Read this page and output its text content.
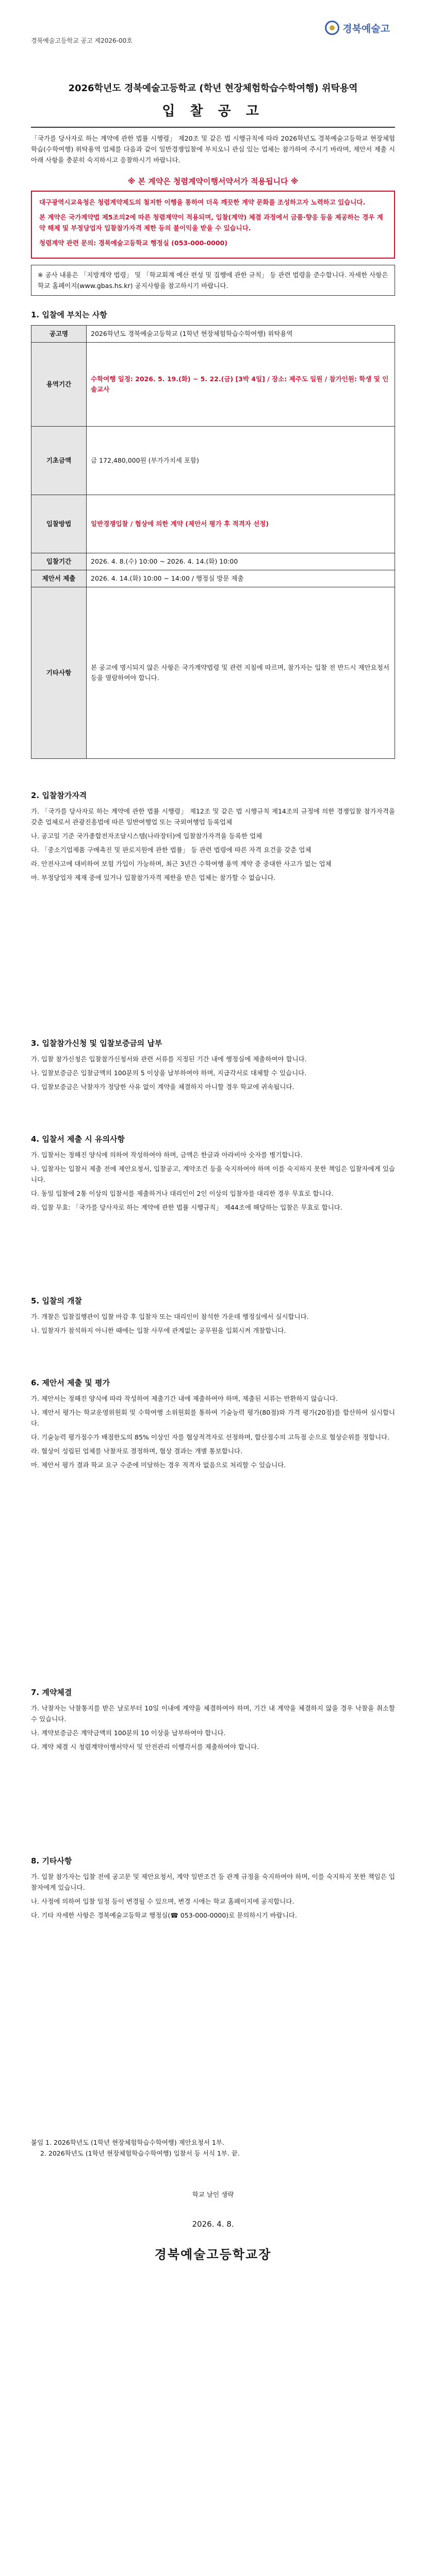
경북예술고
경북예술고등학교 공고 제2026-00호
2026학년도 경북예술고등학교 (학년 현장체험학습수학여행) 위탁용역
입 찰 공 고

「국가를 당사자로 하는 계약에 관한 법률 시행령」 제20조 및 같은 법 시행규칙에 따라 2026학년도 경북예술고등학교 현장체험학습(수학여행) 위탁용역 업체를 다음과 같이 일반경쟁입찰에 부치오니 관심 있는 업체는 참가하여 주시기 바라며, 제안서 제출 시 아래 사항을 충분히 숙지하시고 응찰하시기 바랍니다.

※ 본 계약은 청렴계약이행서약서가 적용됩니다 ※
대구광역시교육청은 청렴계약제도의 철저한 이행을 통하여 더욱 깨끗한 계약 문화를 조성하고자 노력하고 있습니다.
본 계약은 국가계약법 제5조의2에 따른 청렴계약이 적용되며, 입찰(계약) 체결 과정에서 금품·향응 등을 제공하는 경우 계약 해제 및 부정당업자 입찰참가자격 제한 등의 불이익을 받을 수 있습니다.
청렴계약 관련 문의: 경북예술고등학교 행정실 (053-000-0000)
※ 공사 내용은 「지방계약 법령」 및 「학교회계 예산 편성 및 집행에 관한 규칙」 등 관련 법령을 준수합니다. 자세한 사항은 학교 홈페이지(www.gbas.hs.kr) 공지사항을 참고하시기 바랍니다.
1. 입찰에 부치는 사항
공고명	2026학년도 경북예술고등학교 (1학년 현장체험학습수학여행) 위탁용역
용역기간	수학여행 일정: 2026. 5. 19.(화) ~ 5. 22.(금) [3박 4일] / 장소: 제주도 일원 / 참가인원: 학생 및 인솔교사
기초금액	금 172,480,000원 (부가가치세 포함)
입찰방법	일반경쟁입찰 / 협상에 의한 계약 (제안서 평가 후 적격자 선정)
입찰기간	2026. 4. 8.(수) 10:00 ~ 2026. 4. 14.(화) 10:00
제안서 제출	2026. 4. 14.(화) 10:00 ~ 14:00 / 행정실 방문 제출
기타사항	본 공고에 명시되지 않은 사항은 국가계약법령 및 관련 지침에 따르며, 참가자는 입찰 전 반드시 제안요청서 등을 열람하여야 합니다.
2. 입찰참가자격
가. 「국가를 당사자로 하는 계약에 관한 법률 시행령」 제12조 및 같은 법 시행규칙 제14조의 규정에 의한 경쟁입찰 참가자격을 갖춘 업체로서 관광진흥법에 따른 일반여행업 또는 국외여행업 등록업체
나. 공고일 기준 국가종합전자조달시스템(나라장터)에 입찰참가자격을 등록한 업체
다. 「중소기업제품 구매촉진 및 판로지원에 관한 법률」 등 관련 법령에 따른 자격 요건을 갖춘 업체
라. 안전사고에 대비하여 보험 가입이 가능하며, 최근 3년간 수학여행 용역 계약 중 중대한 사고가 없는 업체
마. 부정당업자 제재 중에 있거나 입찰참가자격 제한을 받은 업체는 참가할 수 없습니다.
3. 입찰참가신청 및 입찰보증금의 납부
가. 입찰 참가신청은 입찰참가신청서와 관련 서류를 지정된 기간 내에 행정실에 제출하여야 합니다.
나. 입찰보증금은 입찰금액의 100분의 5 이상을 납부하여야 하며, 지급각서로 대체할 수 있습니다.
다. 입찰보증금은 낙찰자가 정당한 사유 없이 계약을 체결하지 아니할 경우 학교에 귀속됩니다.
4. 입찰서 제출 시 유의사항
가. 입찰서는 정해진 양식에 의하여 작성하여야 하며, 금액은 한글과 아라비아 숫자를 병기합니다.
나. 입찰자는 입찰서 제출 전에 제안요청서, 입찰공고, 계약조건 등을 숙지하여야 하며 이를 숙지하지 못한 책임은 입찰자에게 있습니다.
다. 동일 입찰에 2통 이상의 입찰서를 제출하거나 대리인이 2인 이상의 입찰자를 대리한 경우 무효로 합니다.
라. 입찰 무효: 「국가를 당사자로 하는 계약에 관한 법률 시행규칙」 제44조에 해당하는 입찰은 무효로 합니다.
5. 입찰의 개찰
가. 개찰은 입찰집행관이 입찰 마감 후 입찰자 또는 대리인이 참석한 가운데 행정실에서 실시합니다.
나. 입찰자가 참석하지 아니한 때에는 입찰 사무에 관계없는 공무원을 입회시켜 개찰합니다.
6. 제안서 제출 및 평가
가. 제안서는 정해진 양식에 따라 작성하여 제출기간 내에 제출하여야 하며, 제출된 서류는 반환하지 않습니다.
나. 제안서 평가는 학교운영위원회 및 수학여행 소위원회를 통하여 기술능력 평가(80점)와 가격 평가(20점)를 합산하여 실시합니다.
다. 기술능력 평가점수가 배점한도의 85% 이상인 자를 협상적격자로 선정하며, 합산점수의 고득점 순으로 협상순위를 정합니다.
라. 협상이 성립된 업체를 낙찰자로 결정하며, 협상 결과는 개별 통보합니다.
마. 제안서 평가 결과 학교 요구 수준에 미달하는 경우 적격자 없음으로 처리할 수 있습니다.
7. 계약체결
가. 낙찰자는 낙찰통지를 받은 날로부터 10일 이내에 계약을 체결하여야 하며, 기간 내 계약을 체결하지 않을 경우 낙찰을 취소할 수 있습니다.
나. 계약보증금은 계약금액의 100분의 10 이상을 납부하여야 합니다.
다. 계약 체결 시 청렴계약이행서약서 및 안전관리 이행각서를 제출하여야 합니다.
8. 기타사항
가. 입찰 참가자는 입찰 전에 공고문 및 제안요청서, 계약 일반조건 등 관계 규정을 숙지하여야 하며, 이를 숙지하지 못한 책임은 입찰자에게 있습니다.
나. 사정에 의하여 입찰 일정 등이 변경될 수 있으며, 변경 시에는 학교 홈페이지에 공지합니다.
다. 기타 자세한 사항은 경북예술고등학교 행정실(☎ 053-000-0000)로 문의하시기 바랍니다.
붙임 1. 2026학년도 (1학년 현장체험학습수학여행) 제안요청서 1부.
2. 2026학년도 (1학년 현장체험학습수학여행) 입찰서 등 서식 1부. 끝.
학교 날인 생략
2026. 4. 8.
경북예술고등학교장
